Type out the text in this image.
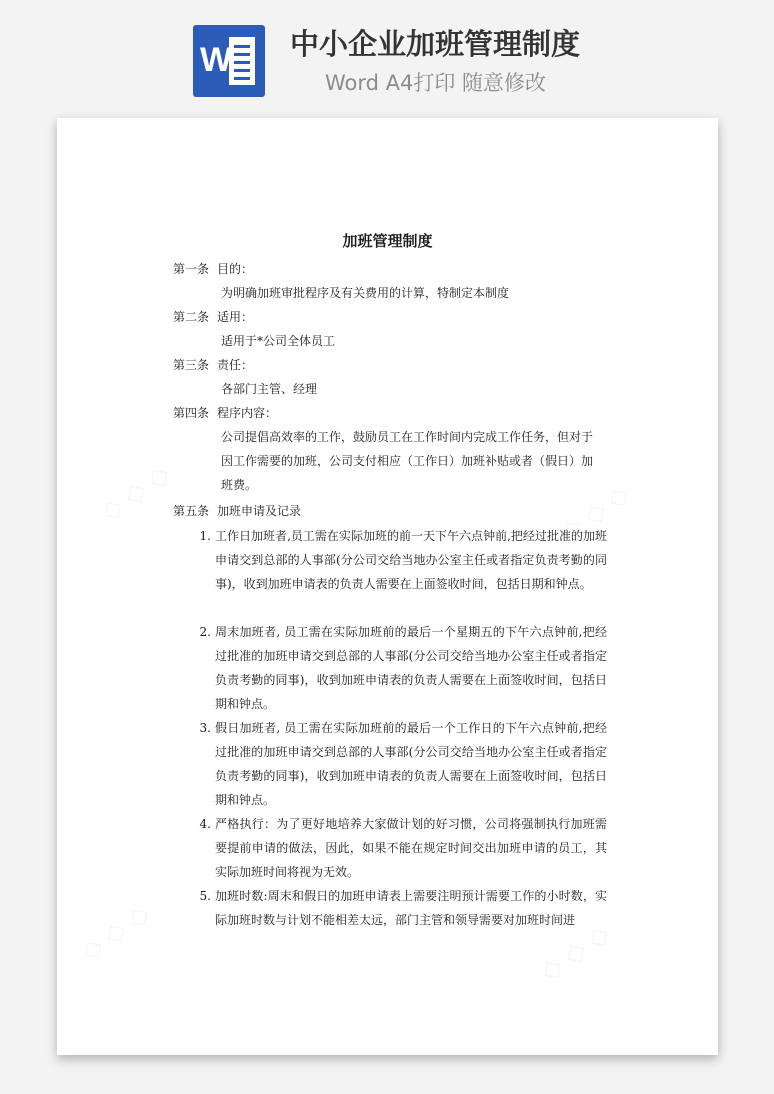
W 中小企业加班管理制度
Word A4打印 随意修改
加班管理制度
第一条 目的：
为明确加班审批程序及有关费用的计算，特制定本制度
第二条 适用：
适用于*公司全体员工
第三条 责任：
各部门主管、经理
第四条 程序内容：
公司提倡高效率的工作，鼓励员工在工作时间内完成工作任务，但对于因工作需要的加班，公司支付相应（工作日）加班补贴或者（假日）加班费。
第五条 加班申请及记录
1. 工作日加班者,员工需在实际加班的前一天下午六点钟前,把经过批准的加班申请交到总部的人事部(分公司交给当地办公室主任或者指定负责考勤的同事)，收到加班申请表的负责人需要在上面签收时间，包括日期和钟点。
2. 周末加班者, 员工需在实际加班前的最后一个星期五的下午六点钟前,把经过批准的加班申请交到总部的人事部(分公司交给当地办公室主任或者指定负责考勤的同事)，收到加班申请表的负责人需要在上面签收时间，包括日期和钟点。
3. 假日加班者, 员工需在实际加班前的最后一个工作日的下午六点钟前,把经过批准的加班申请交到总部的人事部(分公司交给当地办公室主任或者指定负责考勤的同事)，收到加班申请表的负责人需要在上面签收时间，包括日期和钟点。
4. 严格执行：为了更好地培养大家做计划的好习惯，公司将强制执行加班需要提前申请的做法，因此，如果不能在规定时间交出加班申请的员工，其实际加班时间将视为无效。
5. 加班时数:周末和假日的加班申请表上需要注明预计需要工作的小时数，实际加班时数与计划不能相差太远，部门主管和领导需要对加班时间进
